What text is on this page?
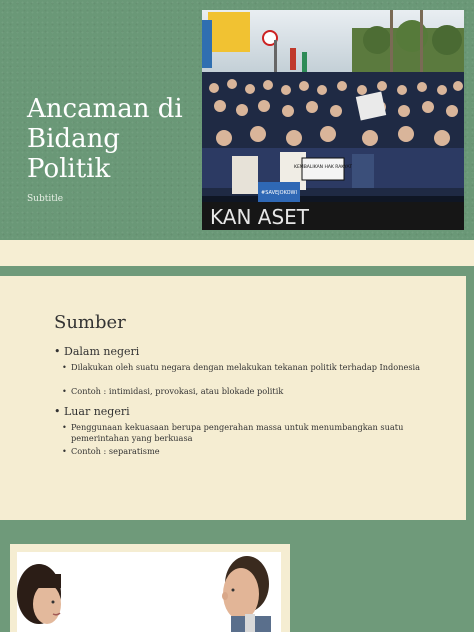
Ancaman di Bidang Politik
Subtitle
KAN ASET
KEMBALIKAN HAK RAKYAT
#SAVEJOKOWI
Sumber
• Dalam negeri
• Dilakukan oleh suatu negara dengan melakukan tekanan politik terhadap Indonesia
• Contoh : intimidasi, provokasi, atau blokade politik
• Luar negeri
• Penggunaan kekuasaan berupa pengerahan massa untuk menumbangkan suatu pemerintahan yang berkuasa
• Contoh : separatisme
